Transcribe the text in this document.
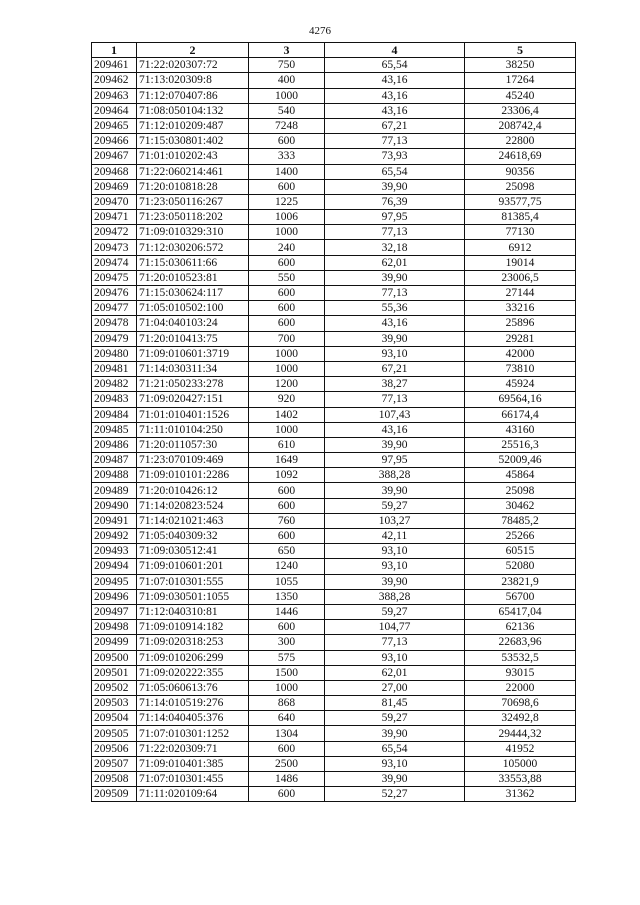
4276
1	2	3	4	5
209461	71:22:020307:72	750	65,54	38250
209462	71:13:020309:8	400	43,16	17264
209463	71:12:070407:86	1000	43,16	45240
209464	71:08:050104:132	540	43,16	23306,4
209465	71:12:010209:487	7248	67,21	208742,4
209466	71:15:030801:402	600	77,13	22800
209467	71:01:010202:43	333	73,93	24618,69
209468	71:22:060214:461	1400	65,54	90356
209469	71:20:010818:28	600	39,90	25098
209470	71:23:050116:267	1225	76,39	93577,75
209471	71:23:050118:202	1006	97,95	81385,4
209472	71:09:010329:310	1000	77,13	77130
209473	71:12:030206:572	240	32,18	6912
209474	71:15:030611:66	600	62,01	19014
209475	71:20:010523:81	550	39,90	23006,5
209476	71:15:030624:117	600	77,13	27144
209477	71:05:010502:100	600	55,36	33216
209478	71:04:040103:24	600	43,16	25896
209479	71:20:010413:75	700	39,90	29281
209480	71:09:010601:3719	1000	93,10	42000
209481	71:14:030311:34	1000	67,21	73810
209482	71:21:050233:278	1200	38,27	45924
209483	71:09:020427:151	920	77,13	69564,16
209484	71:01:010401:1526	1402	107,43	66174,4
209485	71:11:010104:250	1000	43,16	43160
209486	71:20:011057:30	610	39,90	25516,3
209487	71:23:070109:469	1649	97,95	52009,46
209488	71:09:010101:2286	1092	388,28	45864
209489	71:20:010426:12	600	39,90	25098
209490	71:14:020823:524	600	59,27	30462
209491	71:14:021021:463	760	103,27	78485,2
209492	71:05:040309:32	600	42,11	25266
209493	71:09:030512:41	650	93,10	60515
209494	71:09:010601:201	1240	93,10	52080
209495	71:07:010301:555	1055	39,90	23821,9
209496	71:09:030501:1055	1350	388,28	56700
209497	71:12:040310:81	1446	59,27	65417,04
209498	71:09:010914:182	600	104,77	62136
209499	71:09:020318:253	300	77,13	22683,96
209500	71:09:010206:299	575	93,10	53532,5
209501	71:09:020222:355	1500	62,01	93015
209502	71:05:060613:76	1000	27,00	22000
209503	71:14:010519:276	868	81,45	70698,6
209504	71:14:040405:376	640	59,27	32492,8
209505	71:07:010301:1252	1304	39,90	29444,32
209506	71:22:020309:71	600	65,54	41952
209507	71:09:010401:385	2500	93,10	105000
209508	71:07:010301:455	1486	39,90	33553,88
209509	71:11:020109:64	600	52,27	31362
